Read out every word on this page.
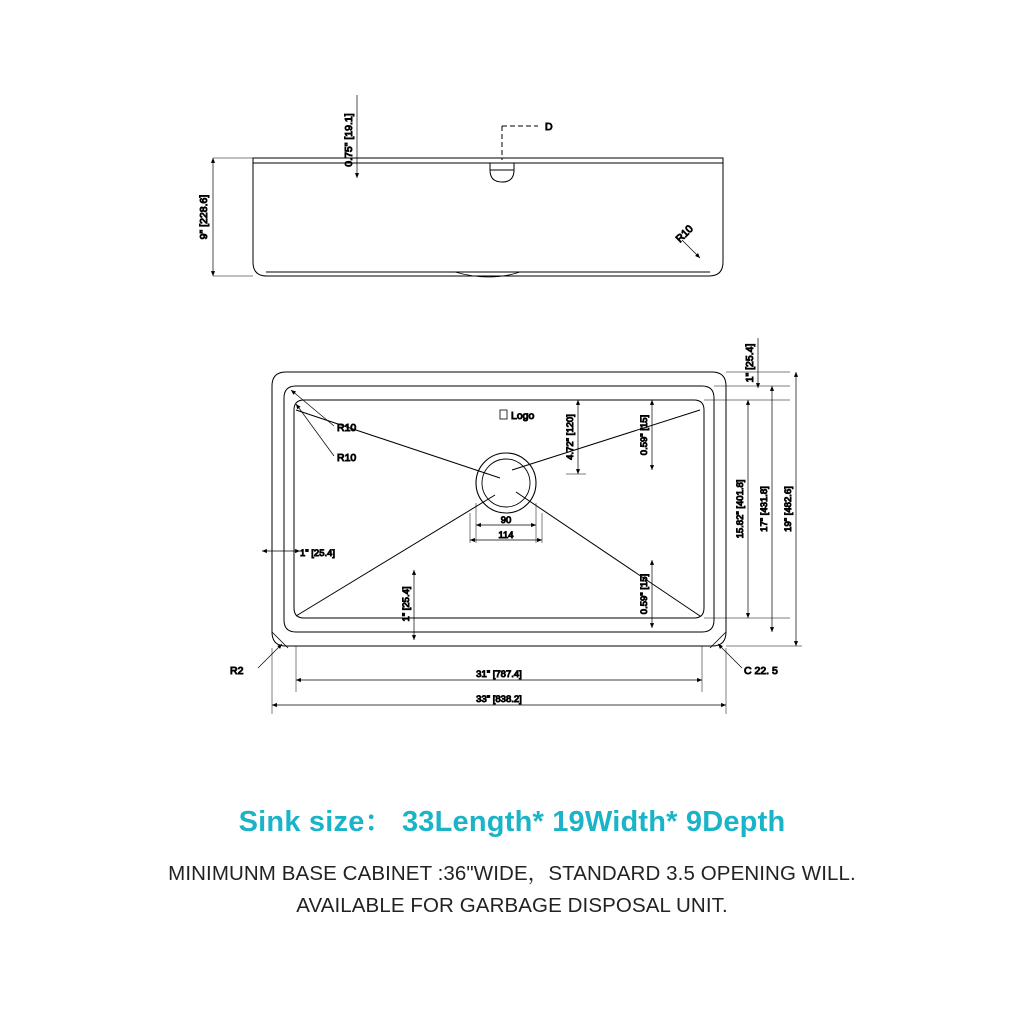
D
0.75" [19.1]
9" [228.6]	R10
Logo
R10
R10
1" [25.4]
4.72" [120]	0.59" [15]
0.59" [15]
1" [25.4]
1" [25.4]
90
114	15.82" [401.8] 17" [431.8] 19" [482.6]
31" [787.4]
33" [838.2]
R2	C 22. 5

Sink size： 33Length* 19Width* 9Depth

MINIMUNM BASE CABINET :36"WIDE，STANDARD 3.5 OPENING WILL.

AVAILABLE FOR GARBAGE DISPOSAL UNIT.
